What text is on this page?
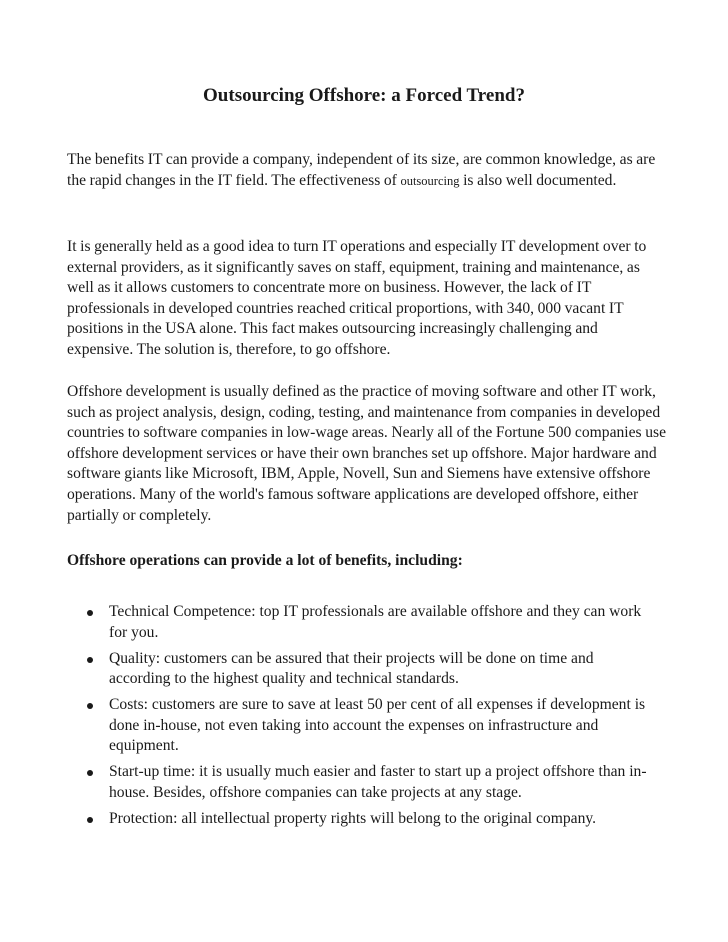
Outsourcing Offshore: a Forced Trend?

The benefits IT can provide a company, independent of its size, are common knowledge, as are the rapid changes in the IT field. The effectiveness of outsourcing is also well documented.

It is generally held as a good idea to turn IT operations and especially IT development over to external providers, as it significantly saves on staff, equipment, training and maintenance, as well as it allows customers to concentrate more on business. However, the lack of IT professionals in developed countries reached critical proportions, with 340, 000 vacant IT positions in the USA alone. This fact makes outsourcing increasingly challenging and expensive. The solution is, therefore, to go offshore.

Offshore development is usually defined as the practice of moving software and other IT work, such as project analysis, design, coding, testing, and maintenance from companies in developed countries to software companies in low-wage areas. Nearly all of the Fortune 500 companies use offshore development services or have their own branches set up offshore. Major hardware and software giants like Microsoft, IBM, Apple, Novell, Sun and Siemens have extensive offshore operations. Many of the world's famous software applications are developed offshore, either partially or completely.

Offshore operations can provide a lot of benefits, including:
Technical Competence: top IT professionals are available offshore and they can work for you.
Quality: customers can be assured that their projects will be done on time and according to the highest quality and technical standards.
Costs: customers are sure to save at least 50 per cent of all expenses if development is done in-house, not even taking into account the expenses on infrastructure and equipment.
Start-up time: it is usually much easier and faster to start up a project offshore than in-house. Besides, offshore companies can take projects at any stage.
Protection: all intellectual property rights will belong to the original company.
